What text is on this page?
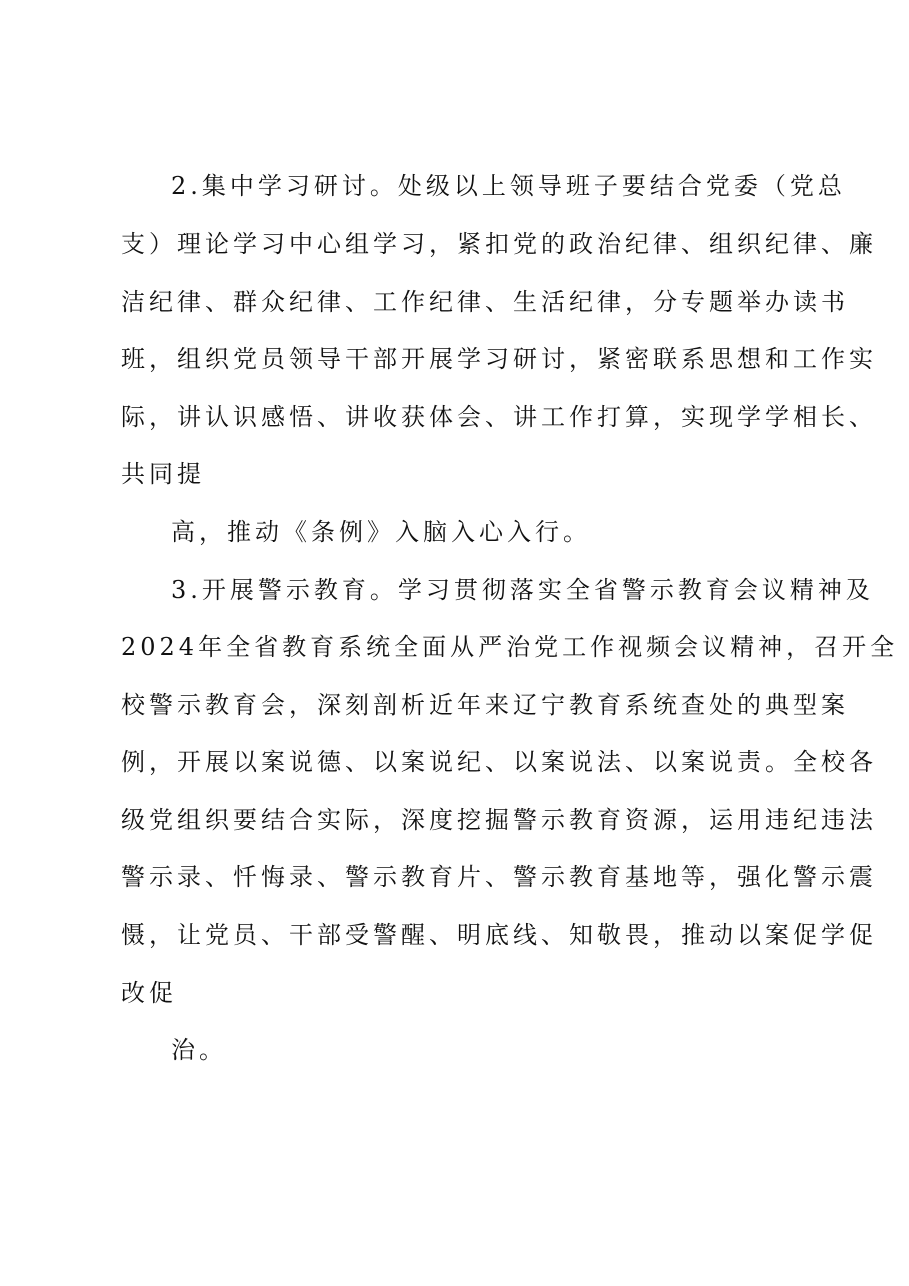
2.集中学习研讨。处级以上领导班子要结合党委（党总
支）理论学习中心组学习，紧扣党的政治纪律、组织纪律、廉
洁纪律、群众纪律、工作纪律、生活纪律，分专题举办读书
班，组织党员领导干部开展学习研讨，紧密联系思想和工作实
际，讲认识感悟、讲收获体会、讲工作打算，实现学学相长、
共同提
高，推动《条例》入脑入心入行。
3.开展警示教育。学习贯彻落实全省警示教育会议精神及
2024年全省教育系统全面从严治党工作视频会议精神，召开全
校警示教育会，深刻剖析近年来辽宁教育系统查处的典型案
例，开展以案说德、以案说纪、以案说法、以案说责。全校各
级党组织要结合实际，深度挖掘警示教育资源，运用违纪违法
警示录、忏悔录、警示教育片、警示教育基地等，强化警示震
慑，让党员、干部受警醒、明底线、知敬畏，推动以案促学促
改促
治。
